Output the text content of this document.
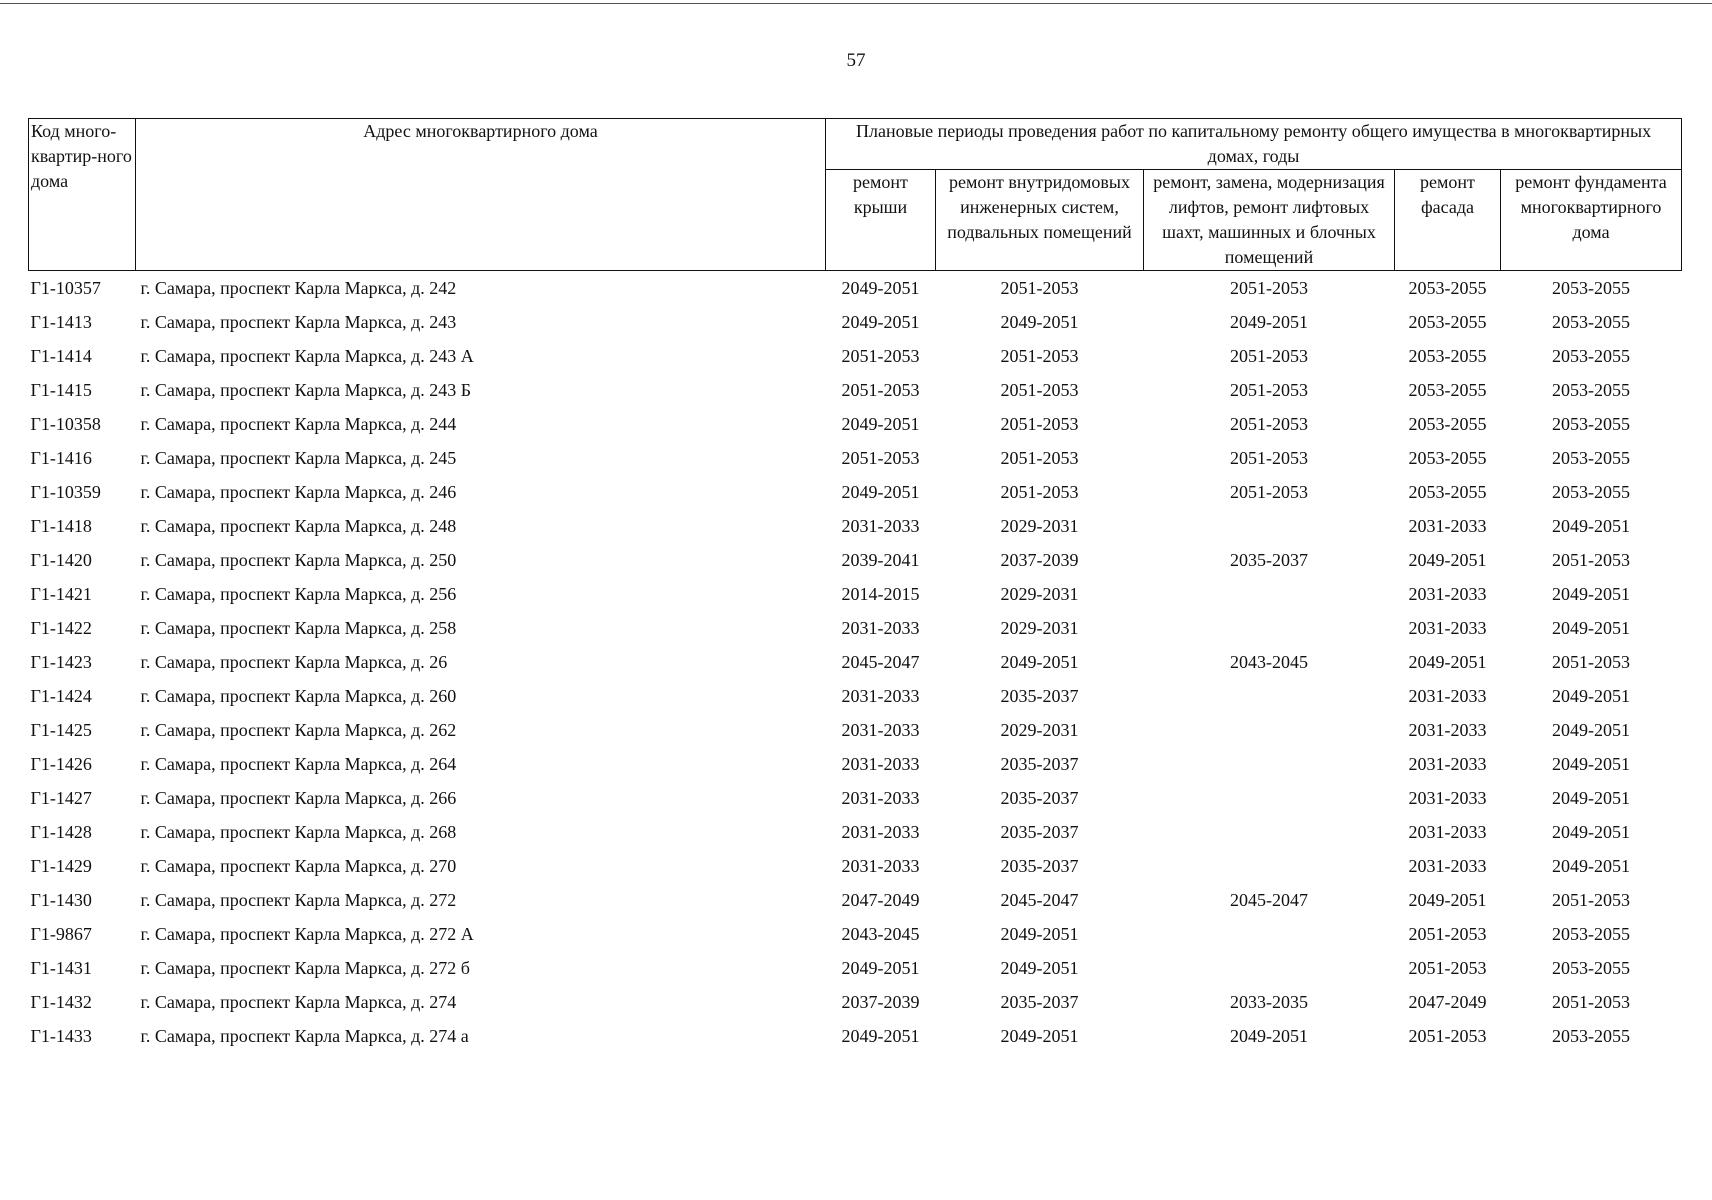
57
Код много-квартир-ного дома	Адрес многоквартирного дома	Плановые периоды проведения работ по капитальному ремонту общего имущества в многоквартирных домах, годы				
		ремонт крыши	ремонт внутридомовых инженерных систем, подвальных помещений	ремонт, замена, модернизация лифтов, ремонт лифтовых шахт, машинных и блочных помещений	ремонт фасада	ремонт фундамента многоквартирного дома
Г1-10357	г. Самара, проспект Карла Маркса, д. 242	2049-2051	2051-2053	2051-2053	2053-2055	2053-2055
Г1-1413	г. Самара, проспект Карла Маркса, д. 243	2049-2051	2049-2051	2049-2051	2053-2055	2053-2055
Г1-1414	г. Самара, проспект Карла Маркса, д. 243 А	2051-2053	2051-2053	2051-2053	2053-2055	2053-2055
Г1-1415	г. Самара, проспект Карла Маркса, д. 243 Б	2051-2053	2051-2053	2051-2053	2053-2055	2053-2055
Г1-10358	г. Самара, проспект Карла Маркса, д. 244	2049-2051	2051-2053	2051-2053	2053-2055	2053-2055
Г1-1416	г. Самара, проспект Карла Маркса, д. 245	2051-2053	2051-2053	2051-2053	2053-2055	2053-2055
Г1-10359	г. Самара, проспект Карла Маркса, д. 246	2049-2051	2051-2053	2051-2053	2053-2055	2053-2055
Г1-1418	г. Самара, проспект Карла Маркса, д. 248	2031-2033	2029-2031		2031-2033	2049-2051
Г1-1420	г. Самара, проспект Карла Маркса, д. 250	2039-2041	2037-2039	2035-2037	2049-2051	2051-2053
Г1-1421	г. Самара, проспект Карла Маркса, д. 256	2014-2015	2029-2031		2031-2033	2049-2051
Г1-1422	г. Самара, проспект Карла Маркса, д. 258	2031-2033	2029-2031		2031-2033	2049-2051
Г1-1423	г. Самара, проспект Карла Маркса, д. 26	2045-2047	2049-2051	2043-2045	2049-2051	2051-2053
Г1-1424	г. Самара, проспект Карла Маркса, д. 260	2031-2033	2035-2037		2031-2033	2049-2051
Г1-1425	г. Самара, проспект Карла Маркса, д. 262	2031-2033	2029-2031		2031-2033	2049-2051
Г1-1426	г. Самара, проспект Карла Маркса, д. 264	2031-2033	2035-2037		2031-2033	2049-2051
Г1-1427	г. Самара, проспект Карла Маркса, д. 266	2031-2033	2035-2037		2031-2033	2049-2051
Г1-1428	г. Самара, проспект Карла Маркса, д. 268	2031-2033	2035-2037		2031-2033	2049-2051
Г1-1429	г. Самара, проспект Карла Маркса, д. 270	2031-2033	2035-2037		2031-2033	2049-2051
Г1-1430	г. Самара, проспект Карла Маркса, д. 272	2047-2049	2045-2047	2045-2047	2049-2051	2051-2053
Г1-9867	г. Самара, проспект Карла Маркса, д. 272 А	2043-2045	2049-2051		2051-2053	2053-2055
Г1-1431	г. Самара, проспект Карла Маркса, д. 272 б	2049-2051	2049-2051		2051-2053	2053-2055
Г1-1432	г. Самара, проспект Карла Маркса, д. 274	2037-2039	2035-2037	2033-2035	2047-2049	2051-2053
Г1-1433	г. Самара, проспект Карла Маркса, д. 274 а	2049-2051	2049-2051	2049-2051	2051-2053	2053-2055
